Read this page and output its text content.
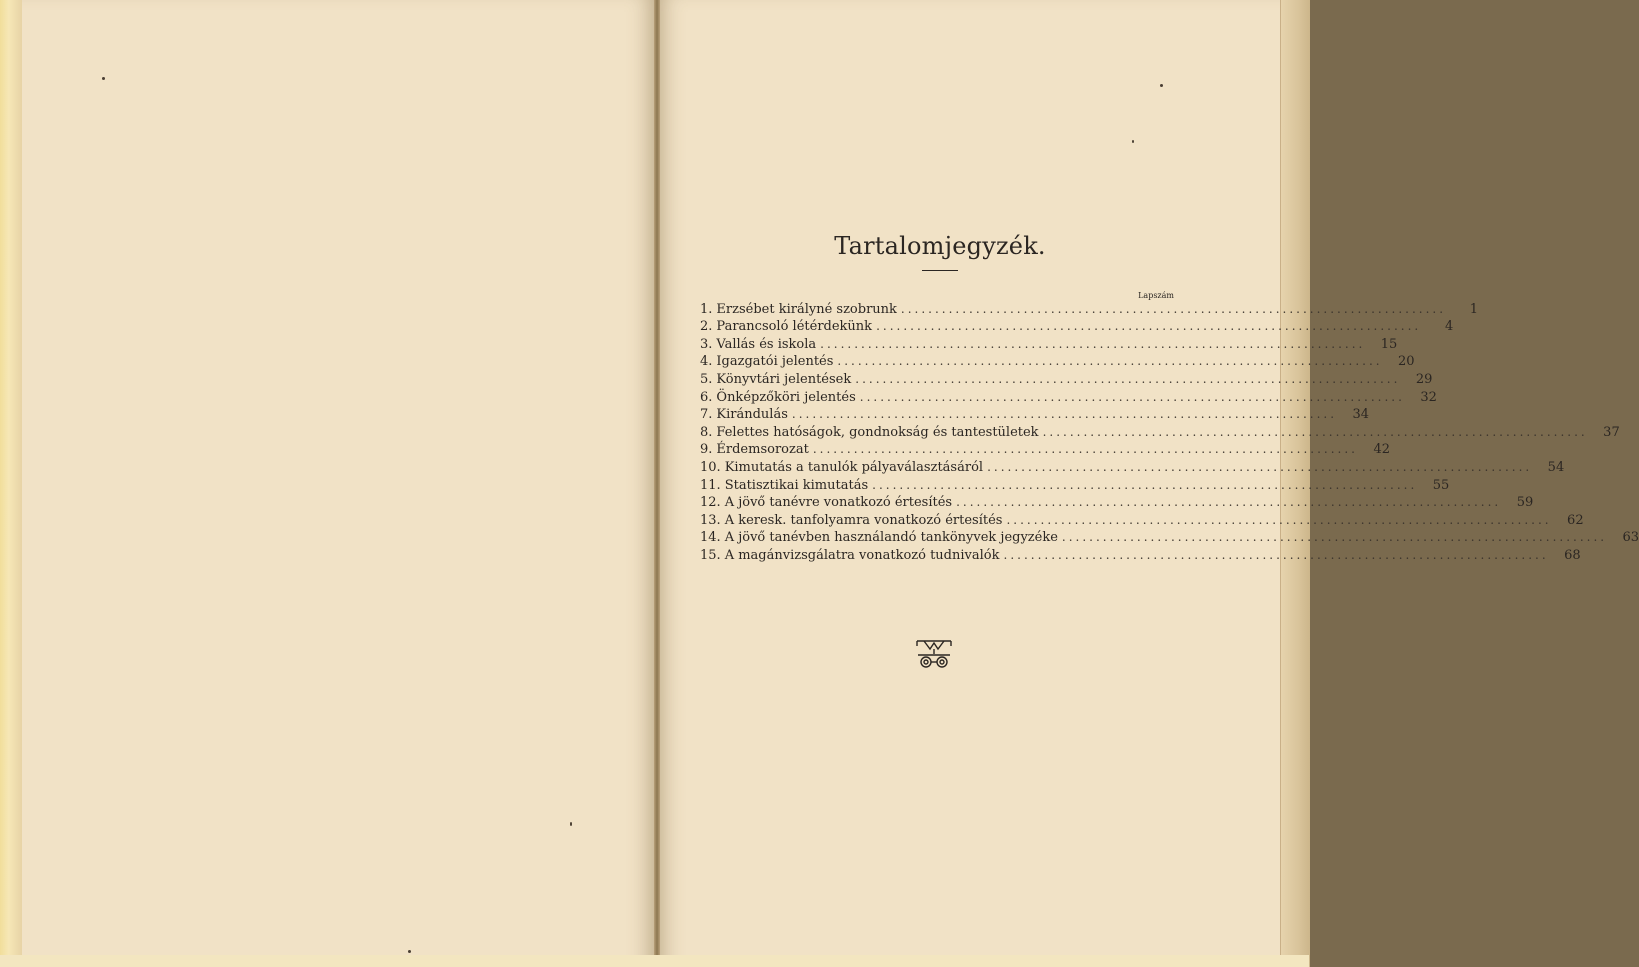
Tartalomjegyzék.
Lapszám
1. Erzsébet királyné szobrunk ................................................................................	1
2. Parancsoló létérdekünk ................................................................................	4
3. Vallás és iskola ................................................................................	15
4. Igazgatói jelentés ................................................................................	20
5. Könyvtári jelentések ................................................................................	29
6. Önképzőköri jelentés ................................................................................	32
7. Kirándulás ................................................................................	34
8. Felettes hatóságok, gondnokság és tantestületek ................................................................................	37
9. Érdemsorozat ................................................................................	42
10. Kimutatás a tanulók pályaválasztásáról ................................................................................	54
11. Statisztikai kimutatás ................................................................................	55
12. A jövő tanévre vonatkozó értesítés ................................................................................	59
13. A keresk. tanfolyamra vonatkozó értesítés ................................................................................	62
14. A jövő tanévben használandó tankönyvek jegyzéke ................................................................................	63
15. A magánvizsgálatra vonatkozó tudnivalók ................................................................................	68
